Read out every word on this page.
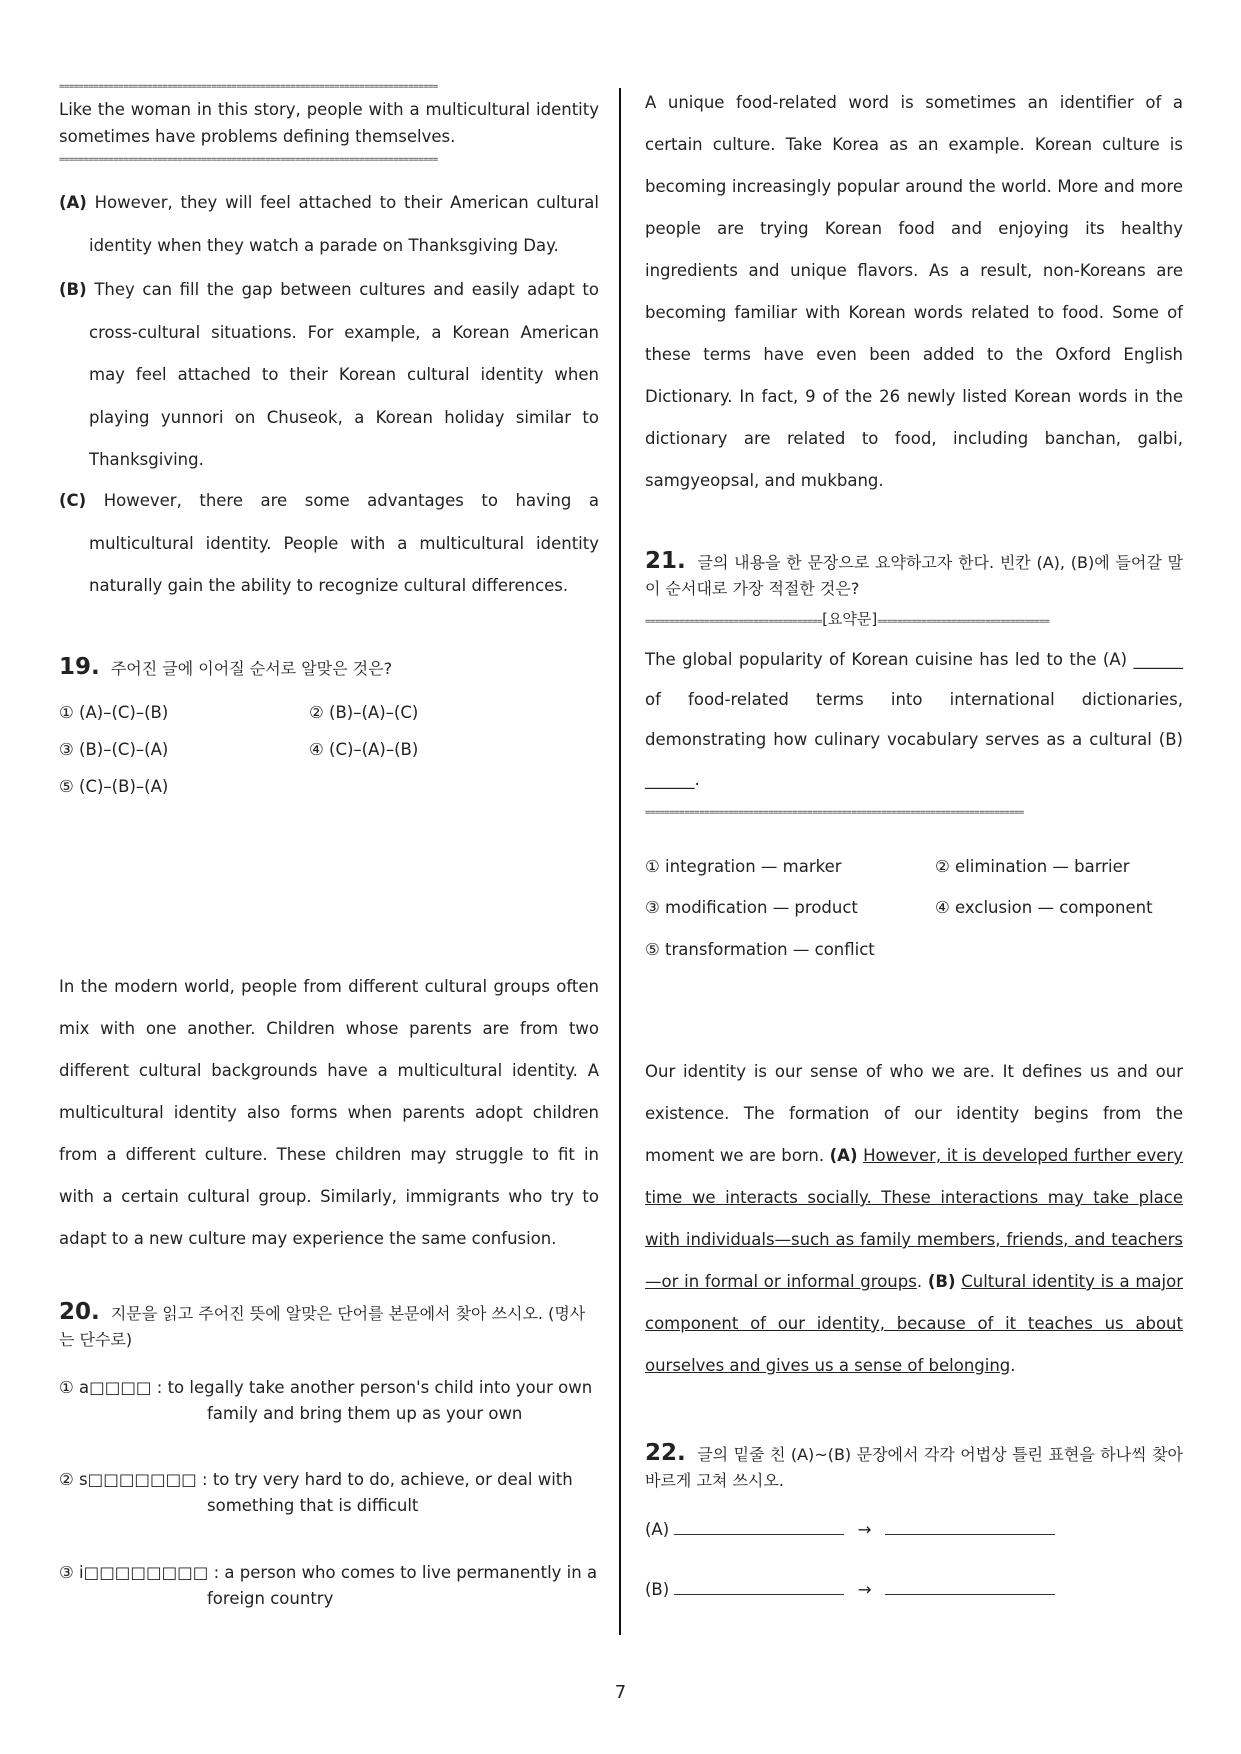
=============================================================================
Like the woman in this story, people with a multicultural identity sometimes have problems defining themselves.
=============================================================================
(A) However, they will feel attached to their American cultural identity when they watch a parade on Thanksgiving Day.
(B) They can fill the gap between cultures and easily adapt to cross-cultural situations. For example, a Korean American may feel attached to their Korean cultural identity when playing yunnori on Chuseok, a Korean holiday similar to Thanksgiving.
(C) However, there are some advantages to having a multicultural identity. People with a multicultural identity naturally gain the ability to recognize cultural differences.
19. 주어진 글에 이어질 순서로 알맞은 것은?
① (A)–(C)–(B)	② (B)–(A)–(C)
③ (B)–(C)–(A)	④ (C)–(A)–(B)
⑤ (C)–(B)–(A)
In the modern world, people from different cultural groups often mix with one another. Children whose parents are from two different cultural backgrounds have a multicultural identity. A multicultural identity also forms when parents adopt children from a different culture. These children may struggle to fit in with a certain cultural group. Similarly, immigrants who try to adapt to a new culture may experience the same confusion.
20. 지문을 읽고 주어진 뜻에 알맞은 단어를 본문에서 찾아 쓰시오. (명사는 단수로)
① a□□□□ :
to legally take another person's child into your own
family and bring them up as your own
② s□□□□□□□ :
to try very hard to do, achieve, or deal with
something that is difficult
③ i□□□□□□□□ :
a person who comes to live permanently in a
foreign country
A unique food-related word is sometimes an identifier of a certain culture. Take Korea as an example. Korean culture is becoming increasingly popular around the world. More and more people are trying Korean food and enjoying its healthy ingredients and unique flavors. As a result, non-Koreans are becoming familiar with Korean words related to food. Some of these terms have even been added to the Oxford English Dictionary. In fact, 9 of the 26 newly listed Korean words in the dictionary are related to food, including banchan, galbi, samgyeopsal, and mukbang.
21. 글의 내용을 한 문장으로 요약하고자 한다. 빈칸 (A), (B)에 들어갈 말이 순서대로 가장 적절한 것은?
====================================[요약문]===================================
The global popularity of Korean cuisine has led to the (A) ______ of food-related terms into international dictionaries, demonstrating how culinary vocabulary serves as a cultural (B) ______.
=============================================================================
① integration — marker	② elimination — barrier
③ modification — product	④ exclusion — component
⑤ transformation — conflict
Our identity is our sense of who we are. It defines us and our existence. The formation of our identity begins from the moment we are born. (A) However, it is developed further every time we interacts socially. These interactions may take place with individuals—such as family members, friends, and teachers—or in formal or informal groups. (B) Cultural identity is a major component of our identity, because of it teaches us about ourselves and gives us a sense of belonging.
22. 글의 밑줄 친 (A)~(B) 문장에서 각각 어법상 틀린 표현을 하나씩 찾아 바르게 고쳐 쓰시오.
(A)	→
(B)	→
7
